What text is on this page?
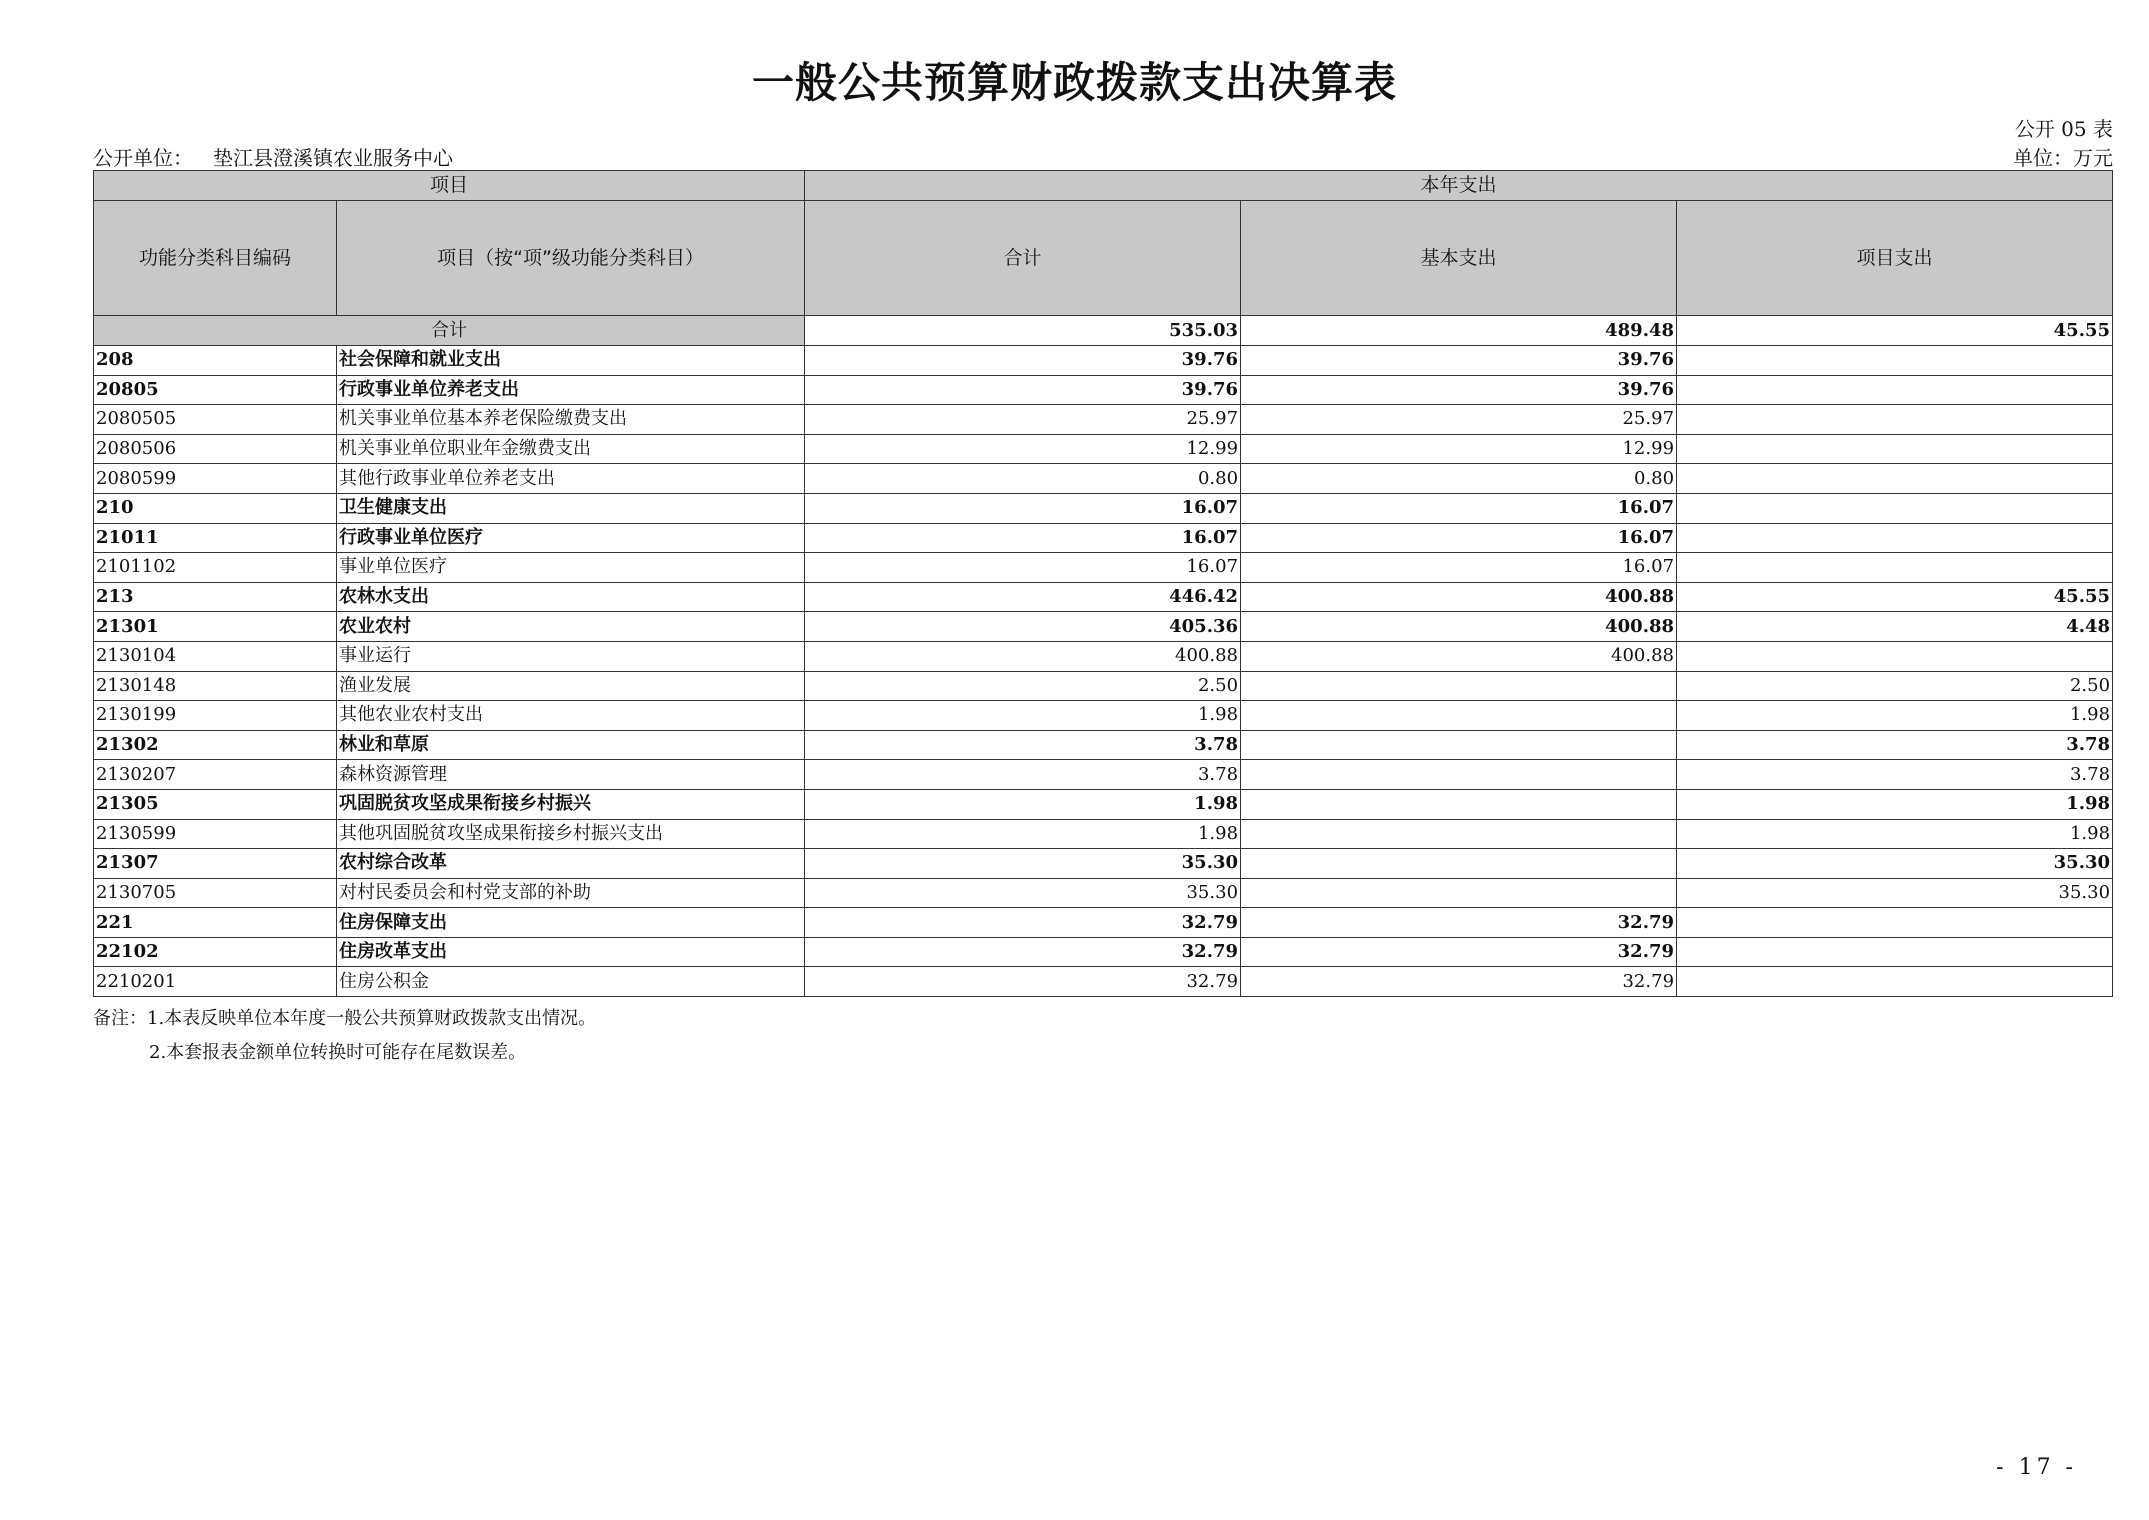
一般公共预算财政拨款支出决算表
公开 05 表
公开单位： 垫江县澄溪镇农业服务中心	单位：万元
项目		本年支出		
功能分类科目编码	项目（按“项”级功能分类科目）	合计	基本支出	项目支出
合计		535.03	489.48	45.55
208	社会保障和就业支出	39.76	39.76	
20805	行政事业单位养老支出	39.76	39.76	
2080505	机关事业单位基本养老保险缴费支出	25.97	25.97	
2080506	机关事业单位职业年金缴费支出	12.99	12.99	
2080599	其他行政事业单位养老支出	0.80	0.80	
210	卫生健康支出	16.07	16.07	
21011	行政事业单位医疗	16.07	16.07	
2101102	事业单位医疗	16.07	16.07	
213	农林水支出	446.42	400.88	45.55
21301	农业农村	405.36	400.88	4.48
2130104	事业运行	400.88	400.88	
2130148	渔业发展	2.50		2.50
2130199	其他农业农村支出	1.98		1.98
21302	林业和草原	3.78		3.78
2130207	森林资源管理	3.78		3.78
21305	巩固脱贫攻坚成果衔接乡村振兴	1.98		1.98
2130599	其他巩固脱贫攻坚成果衔接乡村振兴支出	1.98		1.98
21307	农村综合改革	35.30		35.30
2130705	对村民委员会和村党支部的补助	35.30		35.30
221	住房保障支出	32.79	32.79	
22102	住房改革支出	32.79	32.79	
2210201	住房公积金	32.79	32.79	
备注：1.本表反映单位本年度一般公共预算财政拨款支出情况。
2.本套报表金额单位转换时可能存在尾数误差。
- 17 -
